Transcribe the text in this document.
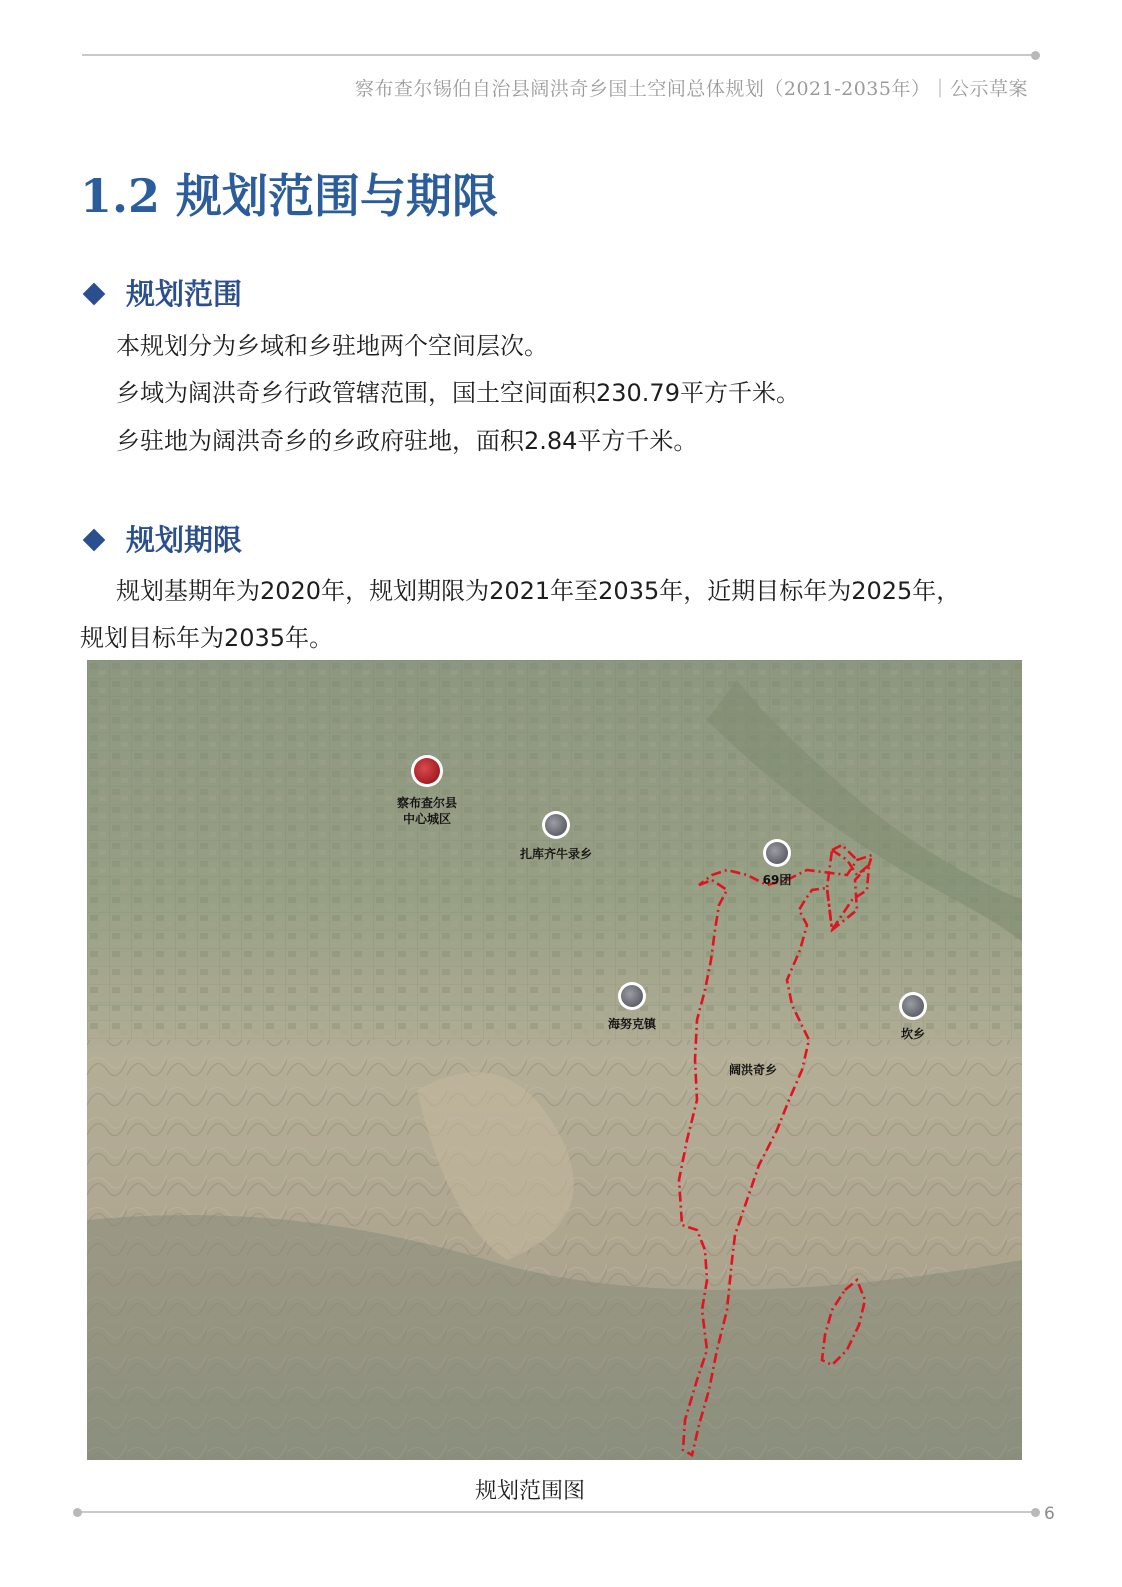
察布查尔锡伯自治县阔洪奇乡国土空间总体规划（2021-2035年）｜公示草案
1.2 规划范围与期限
规划范围
本规划分为乡域和乡驻地两个空间层次。
乡域为阔洪奇乡行政管辖范围，国土空间面积230.79平方千米。
乡驻地为阔洪奇乡的乡政府驻地，面积2.84平方千米。
规划期限
规划基期年为2020年，规划期限为2021年至2035年，近期目标年为2025年，
规划目标年为2035年。
察布查尔县
中心城区
扎库齐牛录乡
69团
海努克镇
坎乡
阔洪奇乡
规划范围图
6
